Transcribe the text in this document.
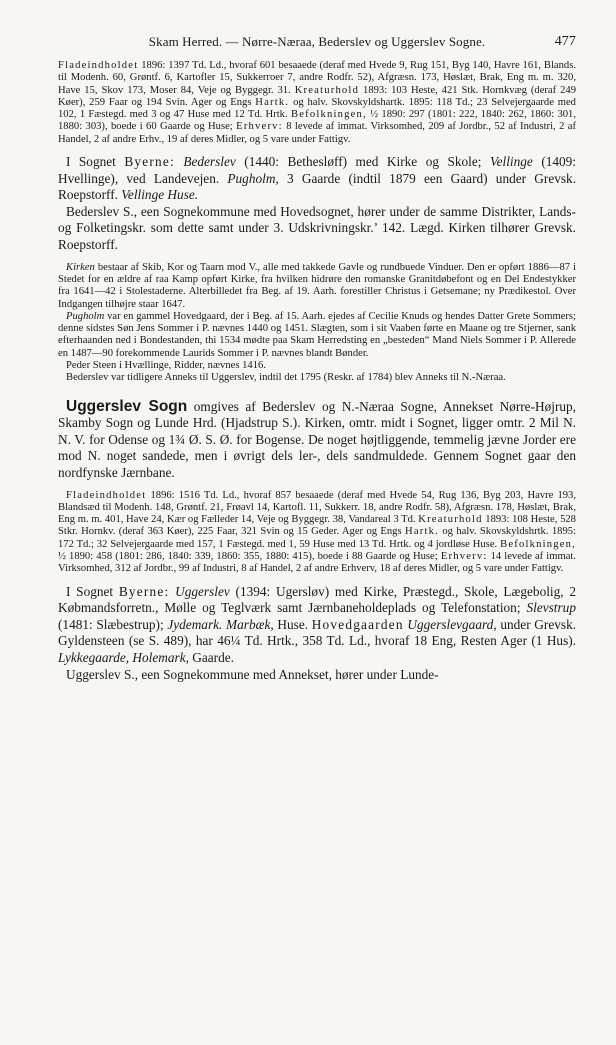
Skam Herred. — Nørre-Næraa, Bederslev og Uggerslev Sogne.	477

Fladeindholdet 1896: 1397 Td. Ld., hvoraf 601 besaaede (deraf med Hvede 9, Rug 151, Byg 140, Havre 161, Blands. til Modenh. 60, Grøntf. 6, Kartofler 15, Sukkerroer 7, andre Rodfr. 52), Afgræsn. 173, Høslæt, Brak, Eng m. m. 320, Have 15, Skov 173, Moser 84, Veje og Byggegr. 31. Kreaturhold 1893: 103 Heste, 421 Stk. Hornkvæg (deraf 249 Køer), 259 Faar og 194 Svin. Ager og Engs Hartk. og halv. Skovskyldshartk. 1895: 118 Td.; 23 Selvejergaarde med 102, 1 Fæstegd. med 3 og 47 Huse med 12 Td. Hrtk. Befolkningen, ½ 1890: 297 (1801: 222, 1840: 262, 1860: 301, 1880: 303), boede i 60 Gaarde og Huse; Erhverv: 8 levede af immat. Virksomhed, 209 af Jordbr., 52 af Industri, 2 af Handel, 2 af andre Erhv., 19 af deres Midler, og 5 vare under Fattigv.

I Sognet Byerne: Bederslev (1440: Bethesløff) med Kirke og Skole; Vellinge (1409: Hvellinge), ved Landevejen. Pugholm, 3 Gaarde (indtil 1879 een Gaard) under Grevsk. Roepstorff. Vellinge Huse.

Bederslev S., een Sognekommune med Hovedsognet, hører under de samme Distrikter, Lands- og Folketingskr. som dette samt under 3. Udskrivningskr.’ 142. Lægd. Kirken tilhører Grevsk. Roepstorff.

Kirken bestaar af Skib, Kor og Taarn mod V., alle med takkede Gavle og rundbuede Vinduer. Den er opført 1886—87 i Stedet for en ældre af raa Kamp opført Kirke, fra hvilken hidrøre den romanske Granitdøbefont og en Del Endestykker fra 1641—42 i Stolestaderne. Alterbilledet fra Beg. af 19. Aarh. forestiller Christus i Getsemane; ny Prædikestol. Over Indgangen tilhøjre staar 1647.

Pugholm var en gammel Hovedgaard, der i Beg. af 15. Aarh. ejedes af Cecilie Knuds og hendes Datter Grete Sommers; denne sidstes Søn Jens Sommer i P. nævnes 1440 og 1451. Slægten, som i sit Vaaben førte en Maane og tre Stjerner, sank efterhaanden ned i Bondestanden, thi 1534 mødte paa Skam Herredsting en „besteden“ Mand Niels Sommer i P. Allerede en 1487—90 forekommende Laurids Sommer i P. nævnes blandt Bønder.

Peder Steen i Hvællinge, Ridder, nævnes 1416.

Bederslev var tidligere Anneks til Uggerslev, indtil det 1795 (Reskr. af 1784) blev Anneks til N.-Næraa.

Uggerslev Sogn omgives af Bederslev og N.-Næraa Sogne, Annekset Nørre-Højrup, Skamby Sogn og Lunde Hrd. (Hjadstrup S.). Kirken, omtr. midt i Sognet, ligger omtr. 2 Mil N. N. V. for Odense og 1¾ Ø. S. Ø. for Bogense. De noget højtliggende, temmelig jævne Jorder ere mod N. noget sandede, men i øvrigt dels ler-, dels sandmuldede. Gennem Sognet gaar den nordfynske Jærnbane.

Fladeindholdet 1896: 1516 Td. Ld., hvoraf 857 besaaede (deraf med Hvede 54, Rug 136, Byg 203, Havre 193, Blandsæd til Modenh. 148, Grøntf. 21, Frøavl 14, Kartofl. 11, Sukkerr. 18, andre Rodfr. 58), Afgræsn. 178, Høslæt, Brak, Eng m. m. 401, Have 24, Kær og Fælleder 14, Veje og Byggegr. 38, Vandareal 3 Td. Kreaturhold 1893: 108 Heste, 528 Stkr. Hornkv. (deraf 363 Køer), 225 Faar, 321 Svin og 15 Geder. Ager og Engs Hartk. og halv. Skovskyldshrtk. 1895: 172 Td.; 32 Selvejergaarde med 157, 1 Fæstegd. med 1, 59 Huse med 13 Td. Hrtk. og 4 jordløse Huse. Befolkningen, ½ 1890: 458 (1801: 286, 1840: 339, 1860: 355, 1880: 415), boede i 88 Gaarde og Huse; Erhverv: 14 levede af immat. Virksomhed, 312 af Jordbr., 99 af Industri, 8 af Handel, 2 af andre Erhverv, 18 af deres Midler, og 5 vare under Fattigv.

I Sognet Byerne: Uggerslev (1394: Ugersløv) med Kirke, Præstegd., Skole, Lægebolig, 2 Købmandsforretn., Mølle og Teglværk samt Jærnbaneholdeplads og Telefonstation; Slevstrup (1481: Slæbestrup); Jydemark. Marbæk, Huse. Hovedgaarden Uggerslevgaard, under Grevsk. Gyldensteen (se S. 489), har 46¼ Td. Hrtk., 358 Td. Ld., hvoraf 18 Eng, Resten Ager (1 Hus). Lykkegaarde, Holemark, Gaarde.

Uggerslev S., een Sognekommune med Annekset, hører under Lunde-
